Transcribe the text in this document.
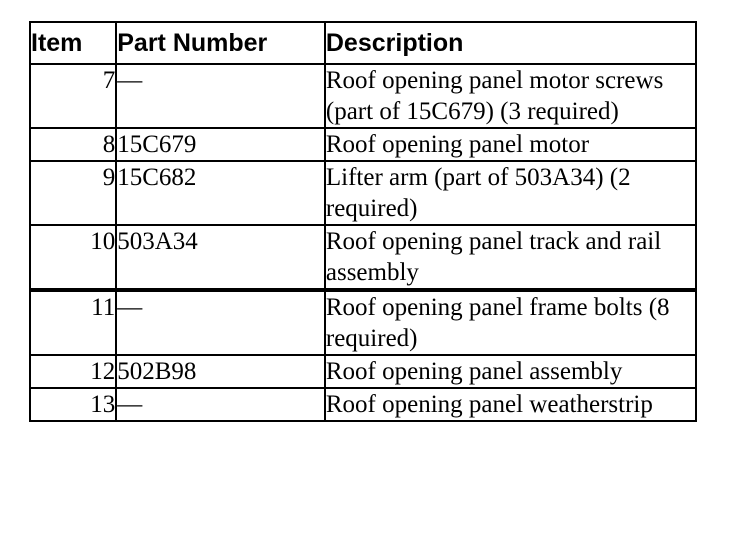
Item	Part Number	Description
7	—	Roof opening panel motor screws (part of 15C679) (3 required)
8	15C679	Roof opening panel motor
9	15C682	Lifter arm (part of 503A34) (2 required)
10	503A34	Roof opening panel track and rail assembly
11	—	Roof opening panel frame bolts (8 required)
12	502B98	Roof opening panel assembly
13	—	Roof opening panel weatherstrip
